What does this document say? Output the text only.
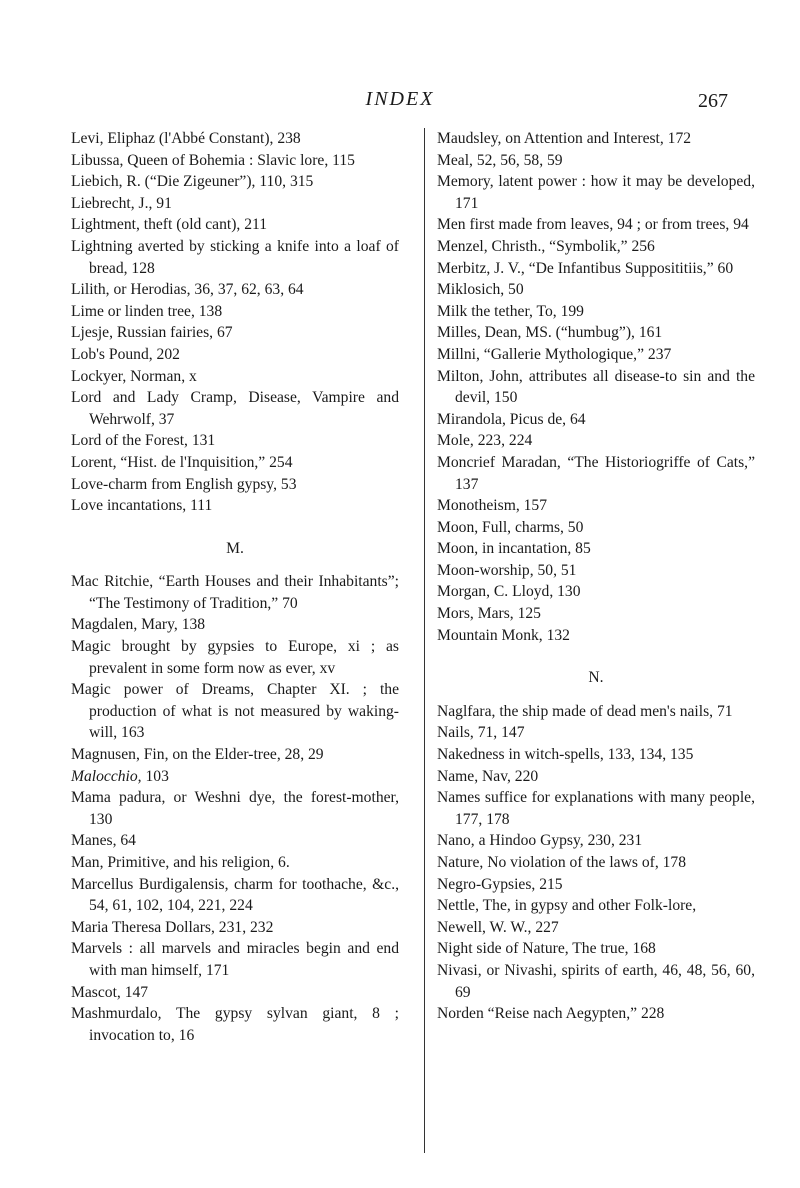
INDEX	267

Levi, Eliphaz (l'Abbé Constant), 238

Libussa, Queen of Bohemia : Slavic lore, 115

Liebich, R. (“Die Zigeuner”), 110, 315

Liebrecht, J., 91

Lightment, theft (old cant), 211

Lightning averted by sticking a knife into a loaf of bread, 128

Lilith, or Herodias, 36, 37, 62, 63, 64

Lime or linden tree, 138

Ljesje, Russian fairies, 67

Lob's Pound, 202

Lockyer, Norman, x

Lord and Lady Cramp, Disease, Vampire and Wehrwolf, 37

Lord of the Forest, 131

Lorent, “Hist. de l'Inquisition,” 254

Love-charm from English gypsy, 53

Love incantations, 111

M.

Mac Ritchie, “Earth Houses and their Inhabitants”; “The Testimony of Tradition,” 70

Magdalen, Mary, 138

Magic brought by gypsies to Europe, xi ; as prevalent in some form now as ever, xv

Magic power of Dreams, Chapter XI. ; the production of what is not measured by waking-will, 163

Magnusen, Fin, on the Elder-tree, 28, 29

Malocchio, 103

Mama padura, or Weshni dye, the forest-mother, 130

Manes, 64

Man, Primitive, and his religion, 6.

Marcellus Burdigalensis, charm for toothache, &c., 54, 61, 102, 104, 221, 224

Maria Theresa Dollars, 231, 232

Marvels : all marvels and miracles begin and end with man himself, 171

Mascot, 147

Mashmurdalo, The gypsy sylvan giant, 8 ; invocation to, 16

Maudsley, on Attention and Interest, 172

Meal, 52, 56, 58, 59

Memory, latent power : how it may be developed, 171

Men first made from leaves, 94 ; or from trees, 94

Menzel, Christh., “Symbolik,” 256

Merbitz, J. V., “De Infantibus Supposititiis,” 60

Miklosich, 50

Milk the tether, To, 199

Milles, Dean, MS. (“humbug”), 161

Millni, “Gallerie Mythologique,” 237

Milton, John, attributes all disease-to sin and the devil, 150

Mirandola, Picus de, 64

Mole, 223, 224

Moncrief Maradan, “The Historiogriffe of Cats,” 137

Monotheism, 157

Moon, Full, charms, 50

Moon, in incantation, 85

Moon-worship, 50, 51

Morgan, C. Lloyd, 130

Mors, Mars, 125

Mountain Monk, 132

N.

Naglfara, the ship made of dead men's nails, 71

Nails, 71, 147

Nakedness in witch-spells, 133, 134, 135

Name, Nav, 220

Names suffice for explanations with many people, 177, 178

Nano, a Hindoo Gypsy, 230, 231

Nature, No violation of the laws of, 178

Negro-Gypsies, 215

Nettle, The, in gypsy and other Folk-lore,

Newell, W. W., 227

Night side of Nature, The true, 168

Nivasi, or Nivashi, spirits of earth, 46, 48, 56, 60, 69

Norden “Reise nach Aegypten,” 228
